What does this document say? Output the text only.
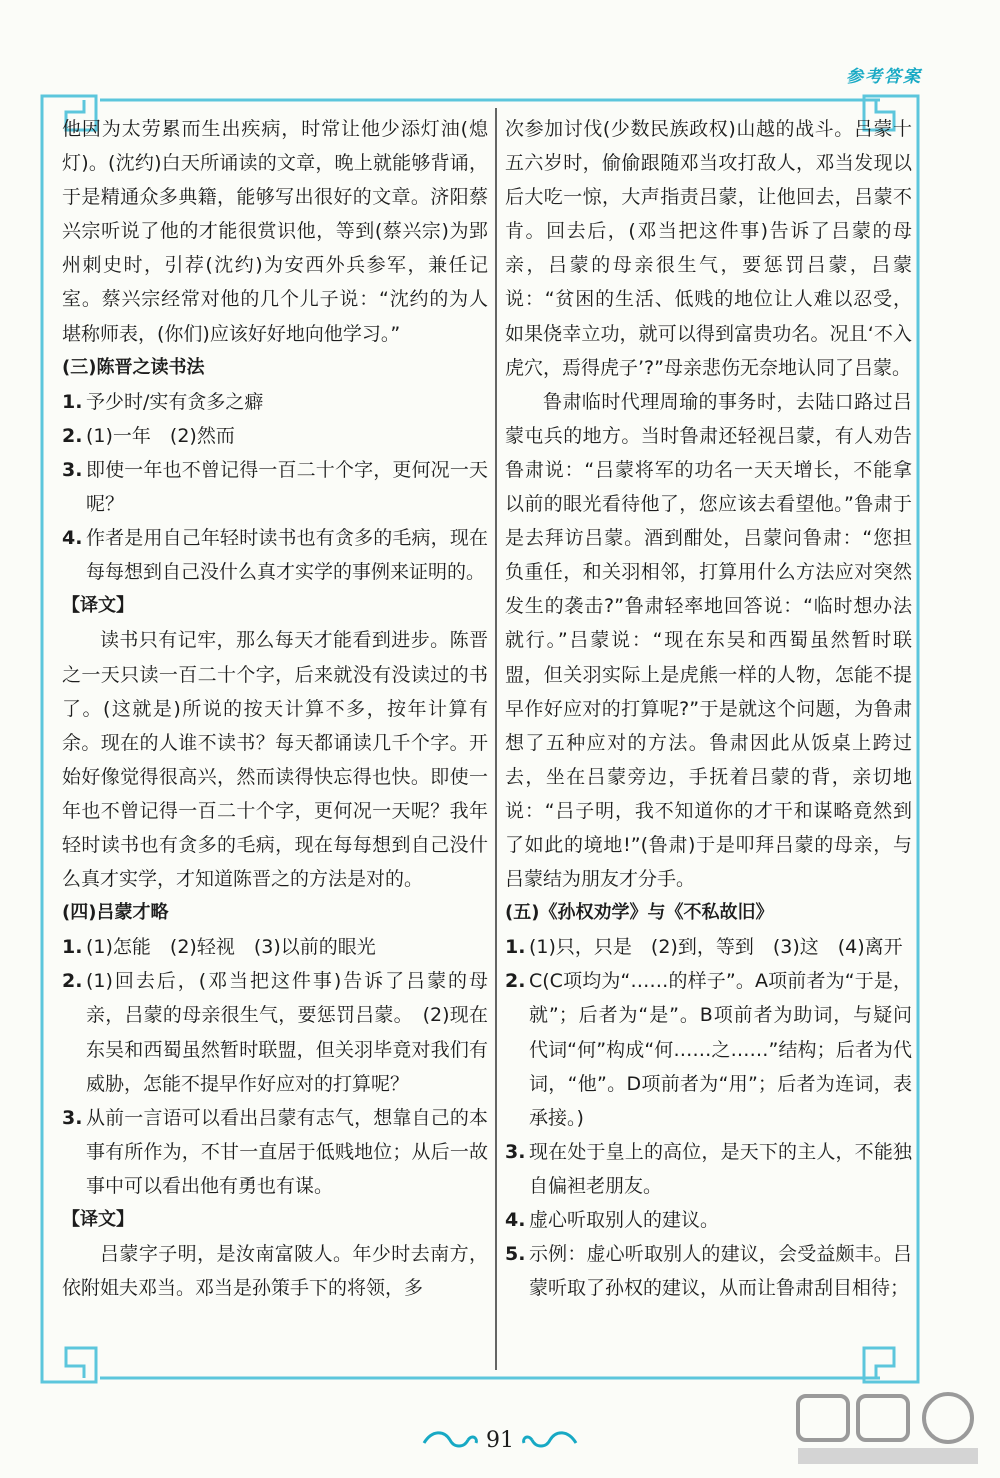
参考答案

他因为太劳累而生出疾病，时常让他少添灯油(熄灯)。(沈约)白天所诵读的文章，晚上就能够背诵，于是精通众多典籍，能够写出很好的文章。济阳蔡兴宗听说了他的才能很赏识他，等到(蔡兴宗)为郢州刺史时，引荐(沈约)为安西外兵参军，兼任记室。蔡兴宗经常对他的几个儿子说：“沈约的为人堪称师表，(你们)应该好好地向他学习。”

(三)陈晋之读书法

1. 予少时/实有贪多之癖
2. (1)一年　(2)然而
3. 即使一年也不曾记得一百二十个字，更何况一天呢？
4. 作者是用自己年轻时读书也有贪多的毛病，现在每每想到自己没什么真才实学的事例来证明的。

【译文】

读书只有记牢，那么每天才能看到进步。陈晋之一天只读一百二十个字，后来就没有没读过的书了。(这就是)所说的按天计算不多，按年计算有余。现在的人谁不读书？每天都诵读几千个字。开始好像觉得很高兴，然而读得快忘得也快。即使一年也不曾记得一百二十个字，更何况一天呢？我年轻时读书也有贪多的毛病，现在每每想到自己没什么真才实学，才知道陈晋之的方法是对的。

(四)吕蒙才略

1. (1)怎能　(2)轻视　(3)以前的眼光
2. (1)回去后，(邓当把这件事)告诉了吕蒙的母亲，吕蒙的母亲很生气，要惩罚吕蒙。　(2)现在东吴和西蜀虽然暂时联盟，但关羽毕竟对我们有威胁，怎能不提早作好应对的打算呢？
3. 从前一言语可以看出吕蒙有志气，想靠自己的本事有所作为，不甘一直居于低贱地位；从后一故事中可以看出他有勇也有谋。

【译文】

吕蒙字子明，是汝南富陂人。年少时去南方，依附姐夫邓当。邓当是孙策手下的将领，多

次参加讨伐(少数民族政权)山越的战斗。吕蒙十五六岁时，偷偷跟随邓当攻打敌人，邓当发现以后大吃一惊，大声指责吕蒙，让他回去，吕蒙不肯。回去后，(邓当把这件事)告诉了吕蒙的母亲，吕蒙的母亲很生气，要惩罚吕蒙，吕蒙说：“贫困的生活、低贱的地位让人难以忍受，如果侥幸立功，就可以得到富贵功名。况且‘不入虎穴，焉得虎子’?”母亲悲伤无奈地认同了吕蒙。

鲁肃临时代理周瑜的事务时，去陆口路过吕蒙屯兵的地方。当时鲁肃还轻视吕蒙，有人劝告鲁肃说：“吕蒙将军的功名一天天增长，不能拿以前的眼光看待他了，您应该去看望他。”鲁肃于是去拜访吕蒙。酒到酣处，吕蒙问鲁肃：“您担负重任，和关羽相邻，打算用什么方法应对突然发生的袭击?”鲁肃轻率地回答说：“临时想办法就行。”吕蒙说：“现在东吴和西蜀虽然暂时联盟，但关羽实际上是虎熊一样的人物，怎能不提早作好应对的打算呢?”于是就这个问题，为鲁肃想了五种应对的方法。鲁肃因此从饭桌上跨过去，坐在吕蒙旁边，手抚着吕蒙的背，亲切地说：“吕子明，我不知道你的才干和谋略竟然到了如此的境地!”(鲁肃)于是叩拜吕蒙的母亲，与吕蒙结为朋友才分手。

(五)《孙权劝学》与《不私故旧》

1. (1)只，只是　(2)到，等到　(3)这　(4)离开
2. C(C项均为“……的样子”。A项前者为“于是，就”；后者为“是”。B项前者为助词，与疑问代词“何”构成“何……之……”结构；后者为代词，“他”。D项前者为“用”；后者为连词，表承接。)
3. 现在处于皇上的高位，是天下的主人，不能独自偏袒老朋友。
4. 虚心听取别人的建议。
5. 示例：虚心听取别人的建议，会受益颇丰。吕蒙听取了孙权的建议，从而让鲁肃刮目相待；
91
